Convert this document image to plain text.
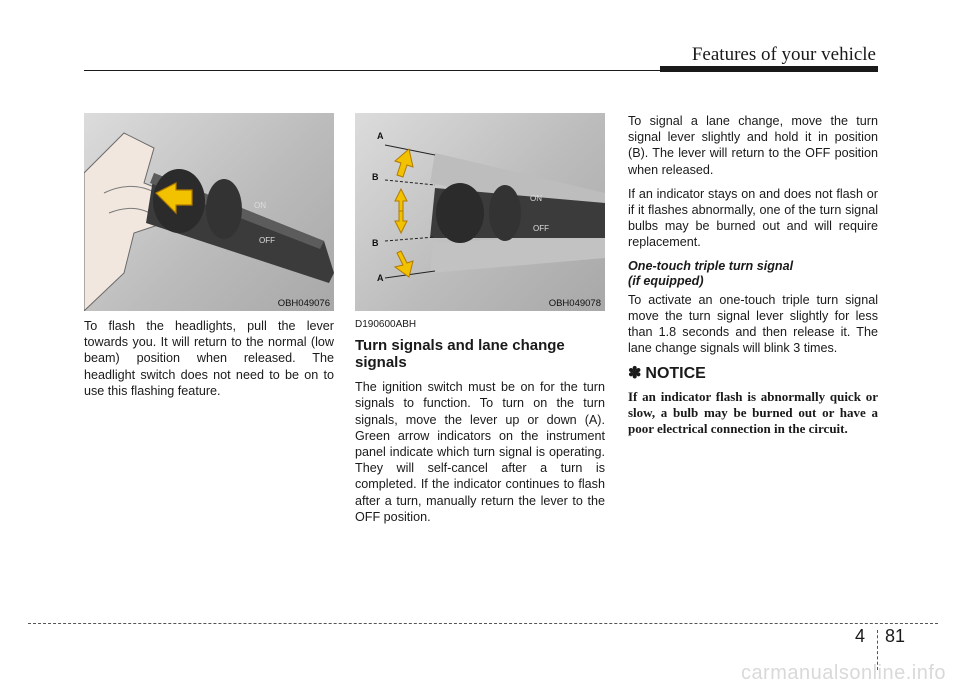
Features of your vehicle
ON
OFF
OBH049076
ON
OFF
A
B
B
A
OBH049078

To flash the headlights, pull the lever towards you. It will return to the normal (low beam) position when released. The headlight switch does not need to be on to use this flashing feature.

D190600ABH

Turn signals and lane change signals

The ignition switch must be on for the turn signals to function. To turn on the turn signals, move the lever up or down (A). Green arrow indicators on the instrument panel indicate which turn signal is operating. They will self-cancel after a turn is completed. If the indicator continues to flash after a turn, manually return the lever to the OFF position.

To signal a lane change, move the turn signal lever slightly and hold it in position (B). The lever will return to the OFF position when released.

If an indicator stays on and does not flash or if it flashes abnormally, one of the turn signal bulbs may be burned out and will require replacement.

One-touch triple turn signal
(if equipped)

To activate an one-touch triple turn signal move the turn signal lever slightly for less than 1.8 seconds and then release it. The lane change signals will blink 3 times.

✽ NOTICE

If an indicator flash is abnormally quick or slow, a bulb may be burned out or have a poor electrical connection in the circuit.

4 81
carmanualsonline.info
